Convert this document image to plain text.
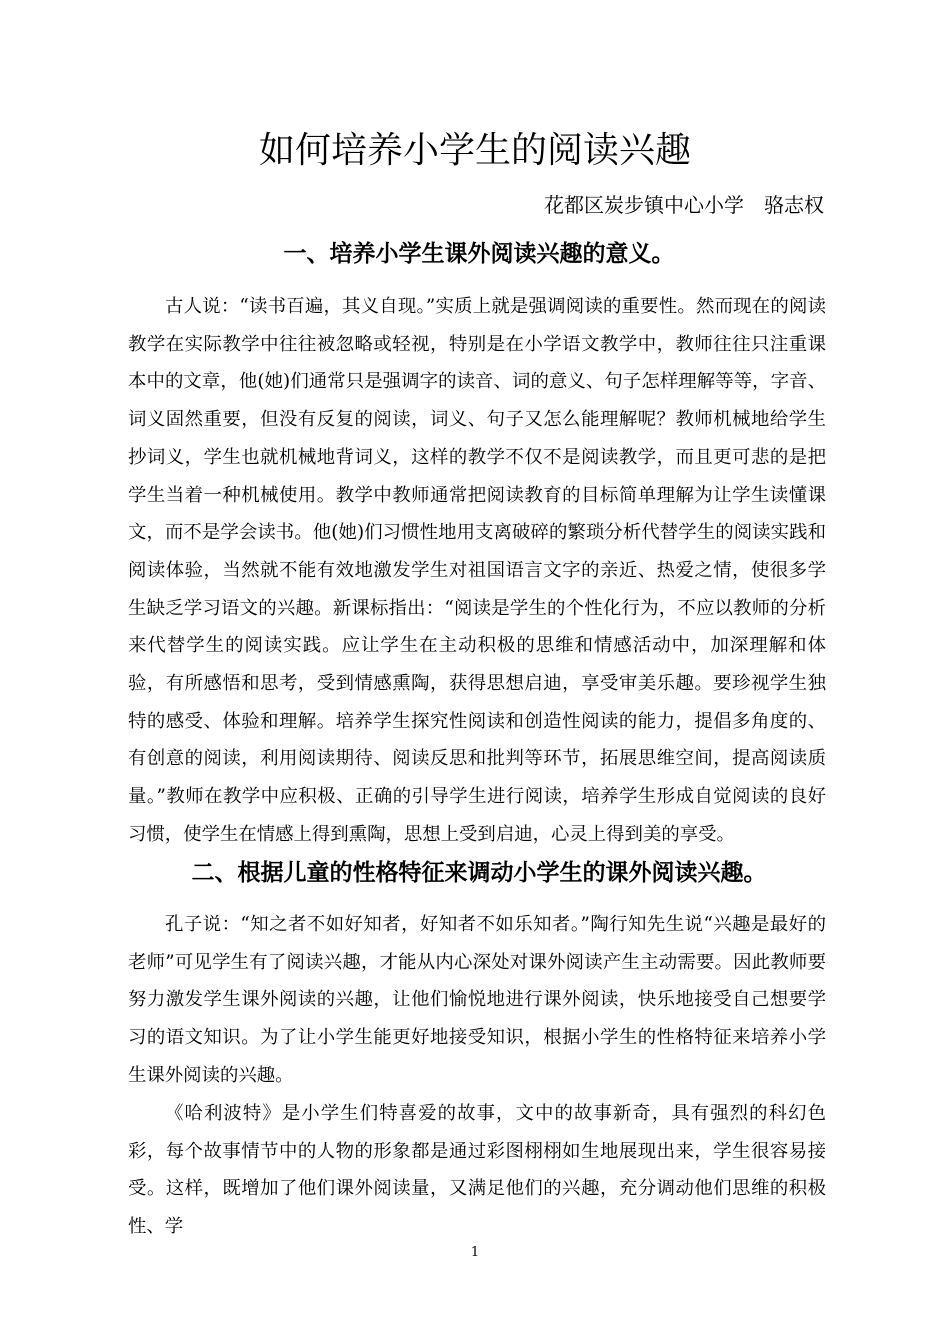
如何培养小学生的阅读兴趣
花都区炭步镇中心小学　骆志权
一、培养小学生课外阅读兴趣的意义。

古人说：“读书百遍，其义自现。”实质上就是强调阅读的重要性。然而现在的阅读教学在实际教学中往往被忽略或轻视，特别是在小学语文教学中，教师往往只注重课本中的文章，他(她)们通常只是强调字的读音、词的意义、句子怎样理解等等，字音、词义固然重要，但没有反复的阅读，词义、句子又怎么能理解呢？教师机械地给学生抄词义，学生也就机械地背词义，这样的教学不仅不是阅读教学，而且更可悲的是把学生当着一种机械使用。教学中教师通常把阅读教育的目标简单理解为让学生读懂课文，而不是学会读书。他(她)们习惯性地用支离破碎的繁琐分析代替学生的阅读实践和阅读体验，当然就不能有效地激发学生对祖国语言文字的亲近、热爱之情，使很多学生缺乏学习语文的兴趣。新课标指出：“阅读是学生的个性化行为，不应以教师的分析来代替学生的阅读实践。应让学生在主动积极的思维和情感活动中，加深理解和体验，有所感悟和思考，受到情感熏陶，获得思想启迪，享受审美乐趣。要珍视学生独特的感受、体验和理解。培养学生探究性阅读和创造性阅读的能力，提倡多角度的、有创意的阅读，利用阅读期待、阅读反思和批判等环节，拓展思维空间，提高阅读质量。”教师在教学中应积极、正确的引导学生进行阅读，培养学生形成自觉阅读的良好习惯，使学生在情感上得到熏陶，思想上受到启迪，心灵上得到美的享受。

二、根据儿童的性格特征来调动小学生的课外阅读兴趣。

孔子说：“知之者不如好知者，好知者不如乐知者。”陶行知先生说“兴趣是最好的老师”可见学生有了阅读兴趣，才能从内心深处对课外阅读产生主动需要。因此教师要努力激发学生课外阅读的兴趣，让他们愉悦地进行课外阅读，快乐地接受自己想要学习的语文知识。为了让小学生能更好地接受知识，根据小学生的性格特征来培养小学生课外阅读的兴趣。

《哈利波特》是小学生们特喜爱的故事，文中的故事新奇，具有强烈的科幻色彩，每个故事情节中的人物的形象都是通过彩图栩栩如生地展现出来，学生很容易接受。这样，既增加了他们课外阅读量，又满足他们的兴趣，充分调动他们思维的积极性、学

1
